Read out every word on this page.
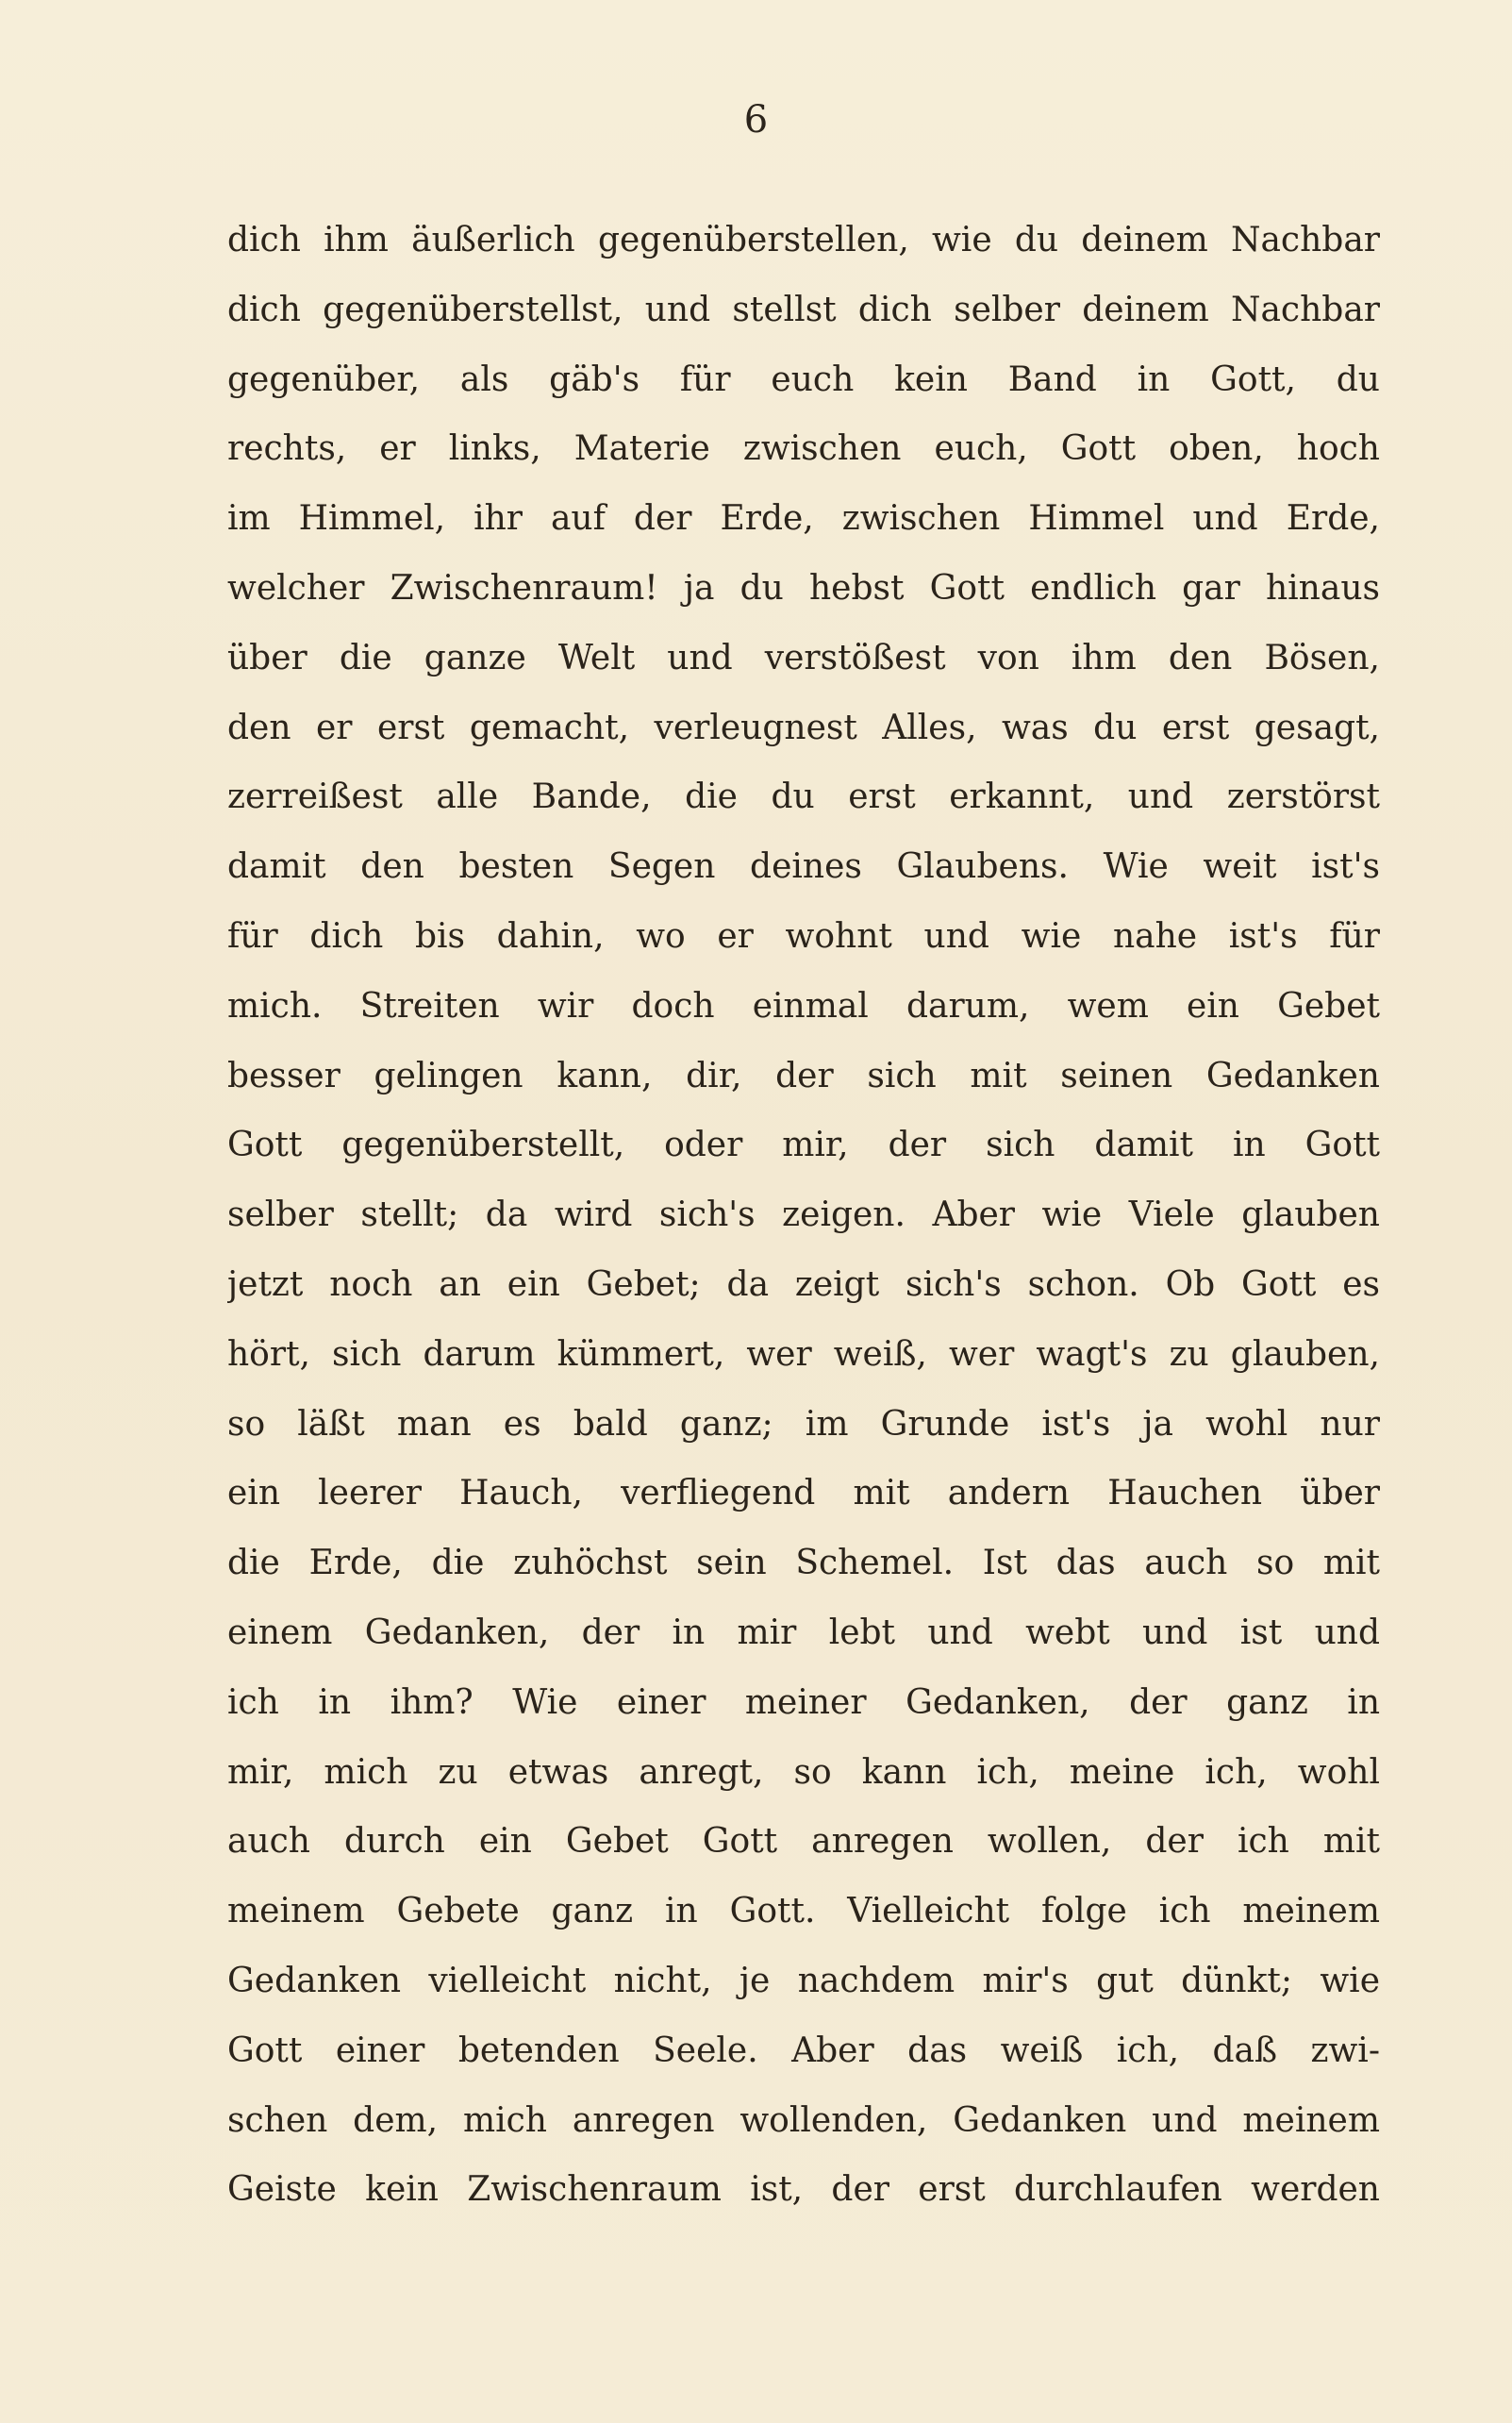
6
dich ihm äußerlich gegenüberstellen, wie du deinem Nachbar
dich gegenüberstellst, und stellst dich selber deinem Nachbar
gegenüber, als gäb's für euch kein Band in Gott, du
rechts, er links, Materie zwischen euch, Gott oben, hoch
im Himmel, ihr auf der Erde, zwischen Himmel und Erde,
welcher Zwischenraum! ja du hebst Gott endlich gar hinaus
über die ganze Welt und verstößest von ihm den Bösen,
den er erst gemacht, verleugnest Alles, was du erst gesagt,
zerreißest alle Bande, die du erst erkannt, und zerstörst
damit den besten Segen deines Glaubens. Wie weit ist's
für dich bis dahin, wo er wohnt und wie nahe ist's für
mich. Streiten wir doch einmal darum, wem ein Gebet
besser gelingen kann, dir, der sich mit seinen Gedanken
Gott gegenüberstellt, oder mir, der sich damit in Gott
selber stellt; da wird sich's zeigen. Aber wie Viele glauben
jetzt noch an ein Gebet; da zeigt sich's schon. Ob Gott es
hört, sich darum kümmert, wer weiß, wer wagt's zu glauben,
so läßt man es bald ganz; im Grunde ist's ja wohl nur
ein leerer Hauch, verfliegend mit andern Hauchen über
die Erde, die zuhöchst sein Schemel. Ist das auch so mit
einem Gedanken, der in mir lebt und webt und ist und
ich in ihm? Wie einer meiner Gedanken, der ganz in
mir, mich zu etwas anregt, so kann ich, meine ich, wohl
auch durch ein Gebet Gott anregen wollen, der ich mit
meinem Gebete ganz in Gott. Vielleicht folge ich meinem
Gedanken vielleicht nicht, je nachdem mir's gut dünkt; wie
Gott einer betenden Seele. Aber das weiß ich, daß zwi-
schen dem, mich anregen wollenden, Gedanken und meinem
Geiste kein Zwischenraum ist, der erst durchlaufen werden
